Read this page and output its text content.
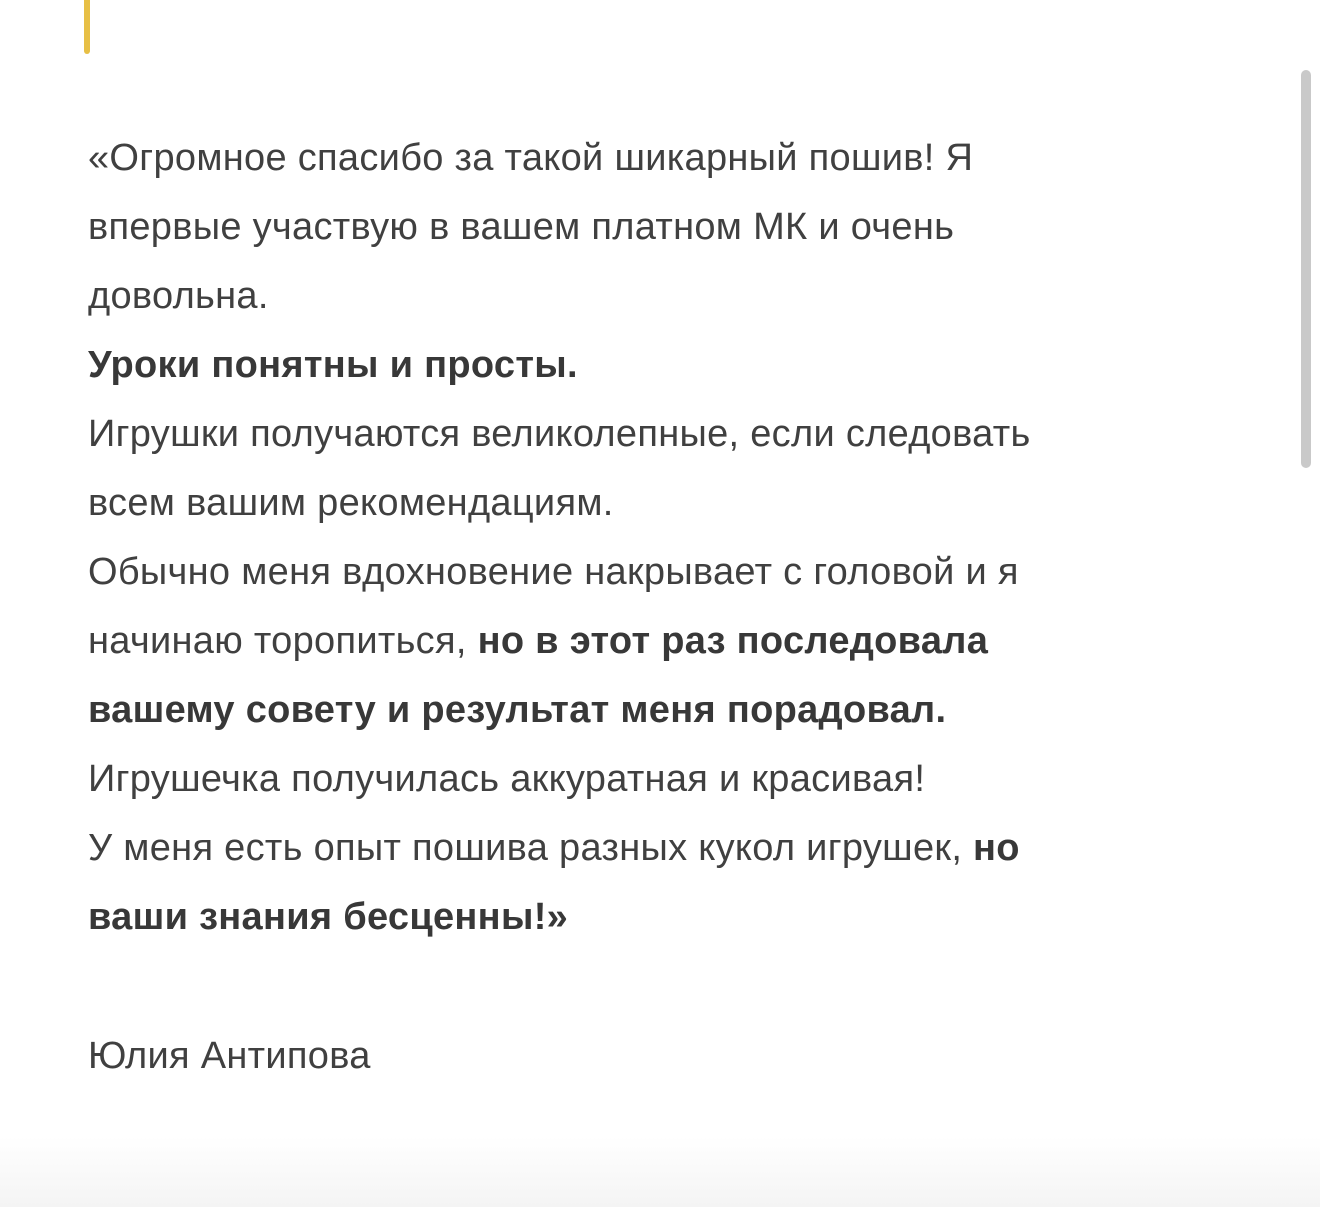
«Огромное спасибо за такой шикарный пошив! Я
впервые участвую в вашем платном МК и очень
довольна.
Уроки понятны и просты.
Игрушки получаются великолепные, если следовать
всем вашим рекомендациям.
Обычно меня вдохновение накрывает с головой и я
начинаю торопиться, но в этот раз последовала
вашему совету и результат меня порадовал.
Игрушечка получилась аккуратная и красивая!
У меня есть опыт пошива разных кукол игрушек, но
ваши знания бесценны!»
Юлия Антипова
